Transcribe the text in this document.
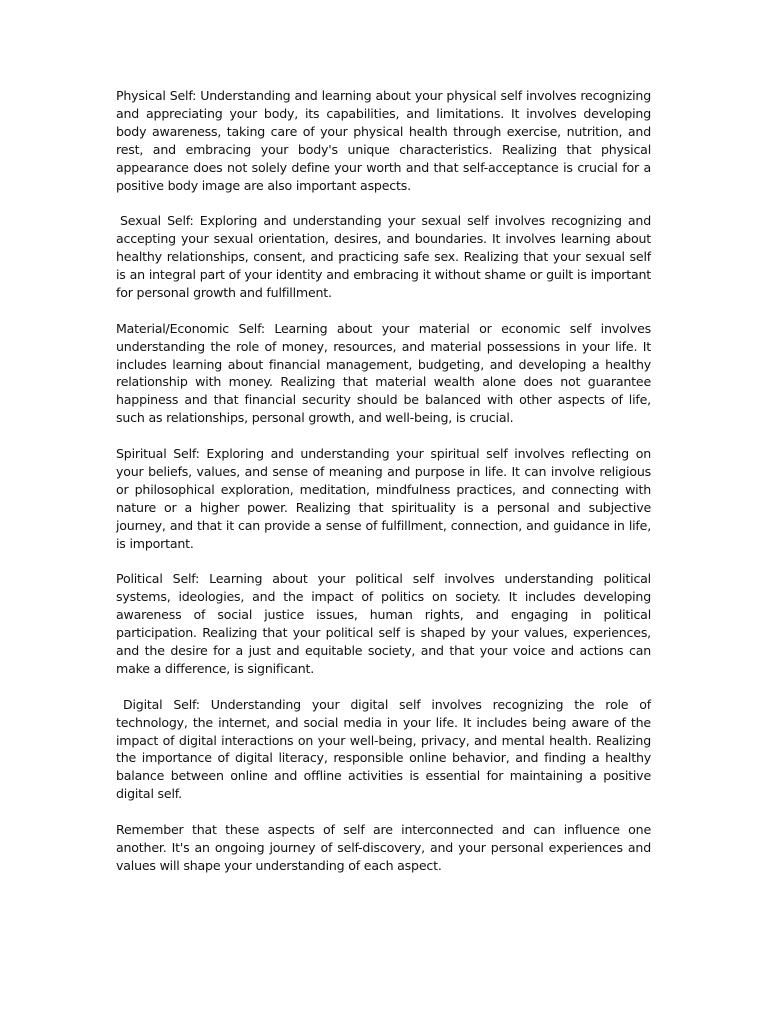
Physical Self: Understanding and learning about your physical self involves recognizing and appreciating your body, its capabilities, and limitations. It involves developing body awareness, taking care of your physical health through exercise, nutrition, and rest, and embracing your body's unique characteristics. Realizing that physical appearance does not solely define your worth and that self-acceptance is crucial for a positive body image are also important aspects.

Sexual Self: Exploring and understanding your sexual self involves recognizing and accepting your sexual orientation, desires, and boundaries. It involves learning about healthy relationships, consent, and practicing safe sex. Realizing that your sexual self is an integral part of your identity and embracing it without shame or guilt is important for personal growth and fulfillment.

Material/Economic Self: Learning about your material or economic self involves understanding the role of money, resources, and material possessions in your life. It includes learning about financial management, budgeting, and developing a healthy relationship with money. Realizing that material wealth alone does not guarantee happiness and that financial security should be balanced with other aspects of life, such as relationships, personal growth, and well-being, is crucial.

Spiritual Self: Exploring and understanding your spiritual self involves reflecting on your beliefs, values, and sense of meaning and purpose in life. It can involve religious or philosophical exploration, meditation, mindfulness practices, and connecting with nature or a higher power. Realizing that spirituality is a personal and subjective journey, and that it can provide a sense of fulfillment, connection, and guidance in life, is important.

Political Self: Learning about your political self involves understanding political systems, ideologies, and the impact of politics on society. It includes developing awareness of social justice issues, human rights, and engaging in political participation. Realizing that your political self is shaped by your values, experiences, and the desire for a just and equitable society, and that your voice and actions can make a difference, is significant.

Digital Self: Understanding your digital self involves recognizing the role of technology, the internet, and social media in your life. It includes being aware of the impact of digital interactions on your well-being, privacy, and mental health. Realizing the importance of digital literacy, responsible online behavior, and finding a healthy balance between online and offline activities is essential for maintaining a positive digital self.

Remember that these aspects of self are interconnected and can influence one another. It's an ongoing journey of self-discovery, and your personal experiences and values will shape your understanding of each aspect.
